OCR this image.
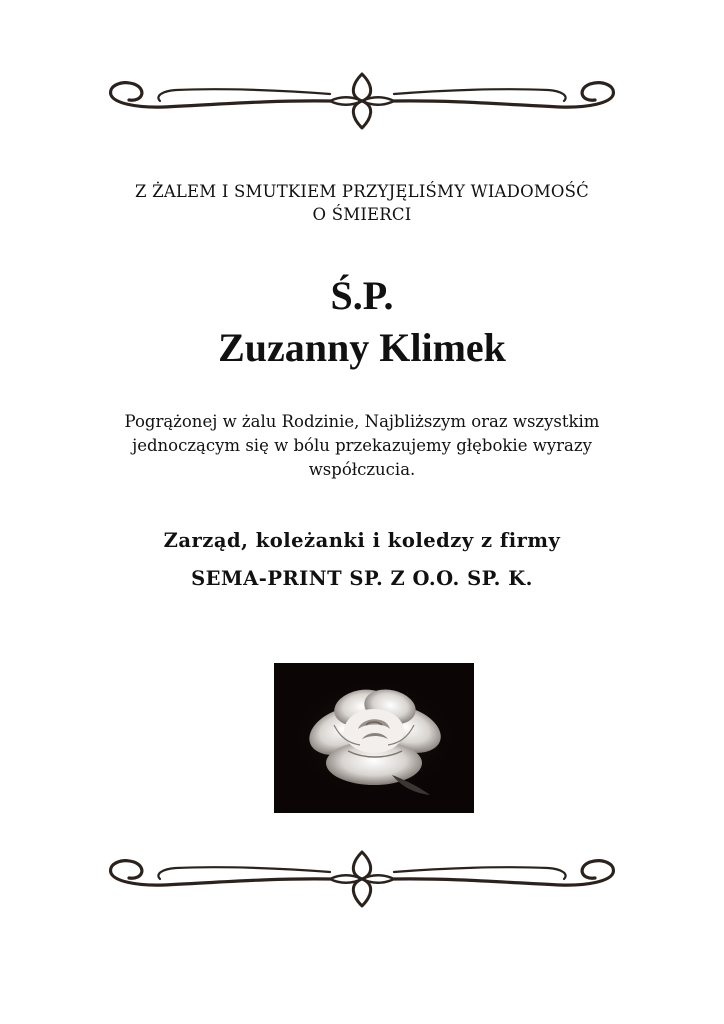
Z ŻALEM I SMUTKIEM PRZYJĘLIŚMY WIADOMOŚĆ
O ŚMIERCI
Ś.P.
Zuzanny Klimek
Pogrążonej w żalu Rodzinie, Najbliższym oraz wszystkim
jednoczącym się w bólu przekazujemy głębokie wyrazy
współczucia.
Zarząd, koleżanki i koledzy z firmy
SEMA-PRINT SP. Z O.O. SP. K.
